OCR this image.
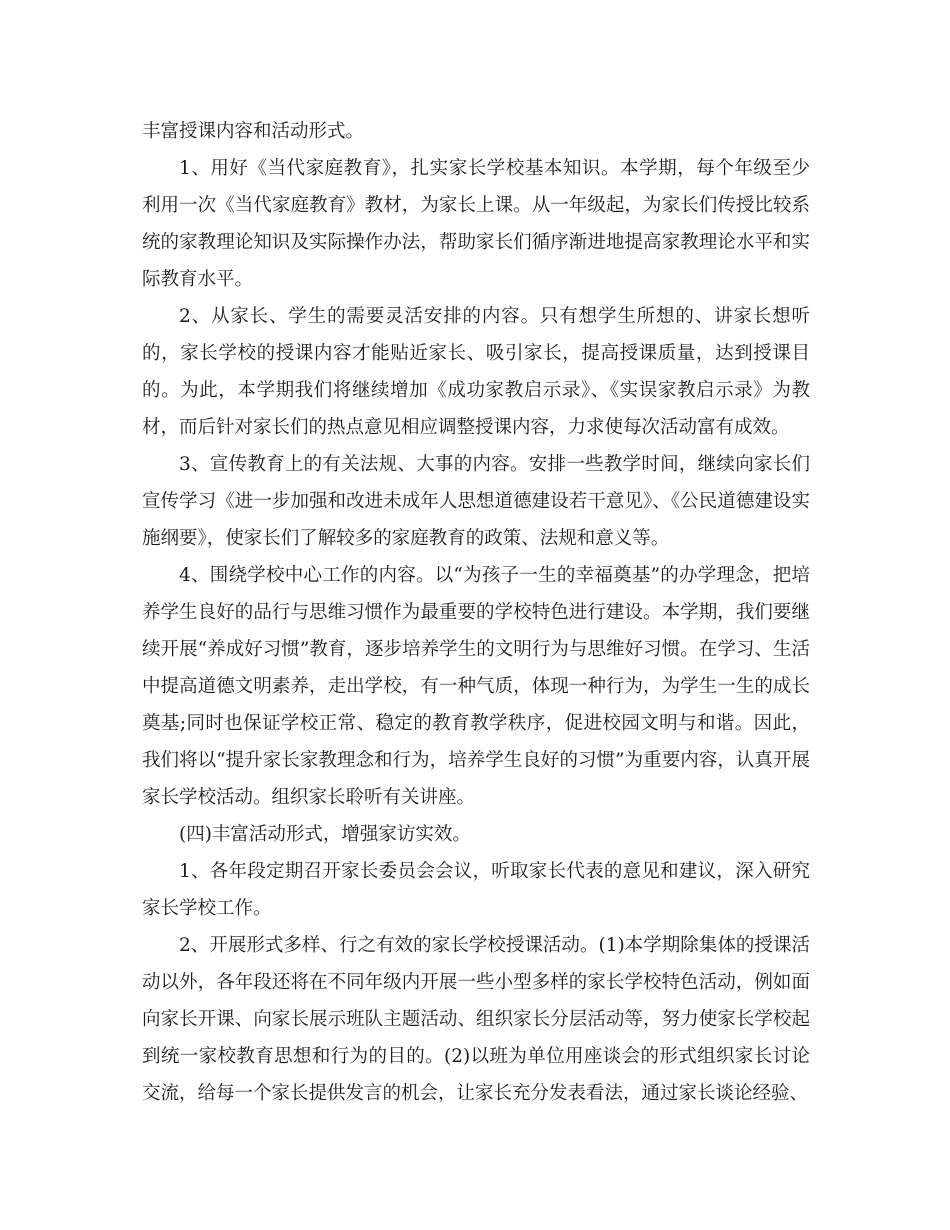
丰富授课内容和活动形式。

1、用好《当代家庭教育》，扎实家长学校基本知识。本学期，每个年级至少利用一次《当代家庭教育》教材，为家长上课。从一年级起，为家长们传授比较系统的家教理论知识及实际操作办法，帮助家长们循序渐进地提高家教理论水平和实际教育水平。

2、从家长、学生的需要灵活安排的内容。只有想学生所想的、讲家长想听的，家长学校的授课内容才能贴近家长、吸引家长，提高授课质量，达到授课目的。为此，本学期我们将继续增加《成功家教启示录》、《实误家教启示录》为教材，而后针对家长们的热点意见相应调整授课内容，力求使每次活动富有成效。

3、宣传教育上的有关法规、大事的内容。安排一些教学时间，继续向家长们宣传学习《进一步加强和改进未成年人思想道德建设若干意见》、《公民道德建设实施纲要》，使家长们了解较多的家庭教育的政策、法规和意义等。

4、围绕学校中心工作的内容。以“为孩子一生的幸福奠基”的办学理念，把培养学生良好的品行与思维习惯作为最重要的学校特色进行建设。本学期，我们要继续开展“养成好习惯”教育，逐步培养学生的文明行为与思维好习惯。在学习、生活中提高道德文明素养，走出学校，有一种气质，体现一种行为，为学生一生的成长奠基;同时也保证学校正常、稳定的教育教学秩序，促进校园文明与和谐。因此，我们将以“提升家长家教理念和行为，培养学生良好的习惯”为重要内容，认真开展家长学校活动。组织家长聆听有关讲座。

(四)丰富活动形式，增强家访实效。

1、各年段定期召开家长委员会会议，听取家长代表的意见和建议，深入研究家长学校工作。

2、开展形式多样、行之有效的家长学校授课活动。(1)本学期除集体的授课活动以外，各年段还将在不同年级内开展一些小型多样的家长学校特色活动，例如面向家长开课、向家长展示班队主题活动、组织家长分层活动等，努力使家长学校起到统一家校教育思想和行为的目的。(2)以班为单位用座谈会的形式组织家长讨论交流，给每一个家长提供发言的机会，让家长充分发表看法，通过家长谈论经验、
